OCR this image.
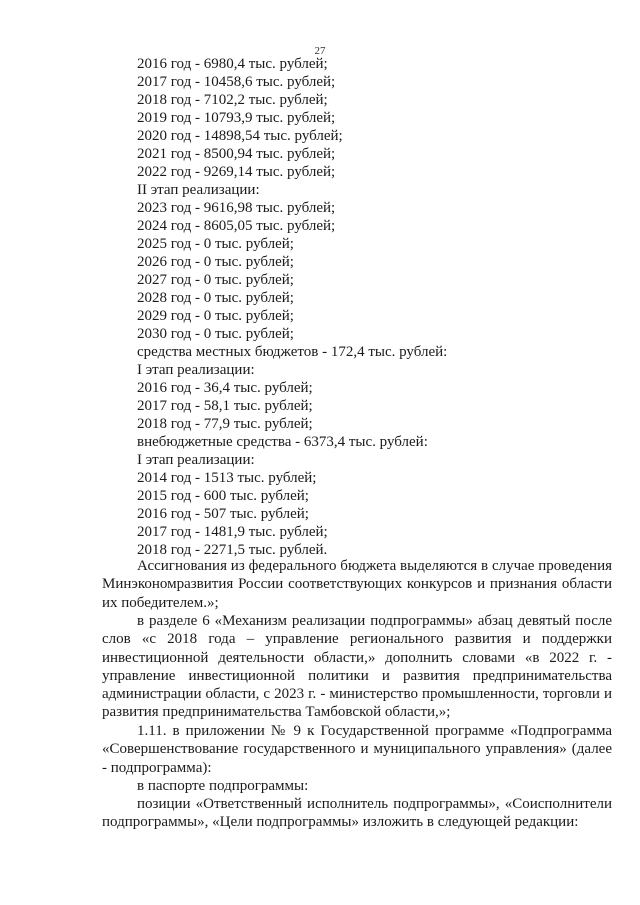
27
2016 год - 6980,4 тыс. рублей;
2017 год - 10458,6 тыс. рублей;
2018 год - 7102,2 тыс. рублей;
2019 год - 10793,9 тыс. рублей;
2020 год - 14898,54 тыс. рублей;
2021 год - 8500,94 тыс. рублей;
2022 год - 9269,14 тыс. рублей;
II этап реализации:
2023 год - 9616,98 тыс. рублей;
2024 год - 8605,05 тыс. рублей;
2025 год - 0 тыс. рублей;
2026 год - 0 тыс. рублей;
2027 год - 0 тыс. рублей;
2028 год - 0 тыс. рублей;
2029 год - 0 тыс. рублей;
2030 год - 0 тыс. рублей;
средства местных бюджетов - 172,4 тыс. рублей:
I этап реализации:
2016 год - 36,4 тыс. рублей;
2017 год - 58,1 тыс. рублей;
2018 год - 77,9 тыс. рублей;
внебюджетные средства - 6373,4 тыс. рублей:
I этап реализации:
2014 год - 1513 тыс. рублей;
2015 год - 600 тыс. рублей;
2016 год - 507 тыс. рублей;
2017 год - 1481,9 тыс. рублей;
2018 год - 2271,5 тыс. рублей.

Ассигнования из федерального бюджета выделяются в случае проведения Минэкономразвития России соответствующих конкурсов и признания области их победителем.»;

в разделе 6 «Механизм реализации подпрограммы» абзац девятый после слов «с 2018 года – управление регионального развития и поддержки инвестиционной деятельности области,» дополнить словами «в 2022 г. - управление инвестиционной политики и развития предпринимательства администрации области, с 2023 г. - министерство промышленности, торговли и развития предпринимательства Тамбовской области,»;

1.11. в приложении № 9 к Государственной программе «Подпрограмма «Совершенствование государственного и муниципального управления» (далее - подпрограмма):

в паспорте подпрограммы:

позиции «Ответственный исполнитель подпрограммы», «Соисполнители подпрограммы», «Цели подпрограммы» изложить в следующей редакции:
